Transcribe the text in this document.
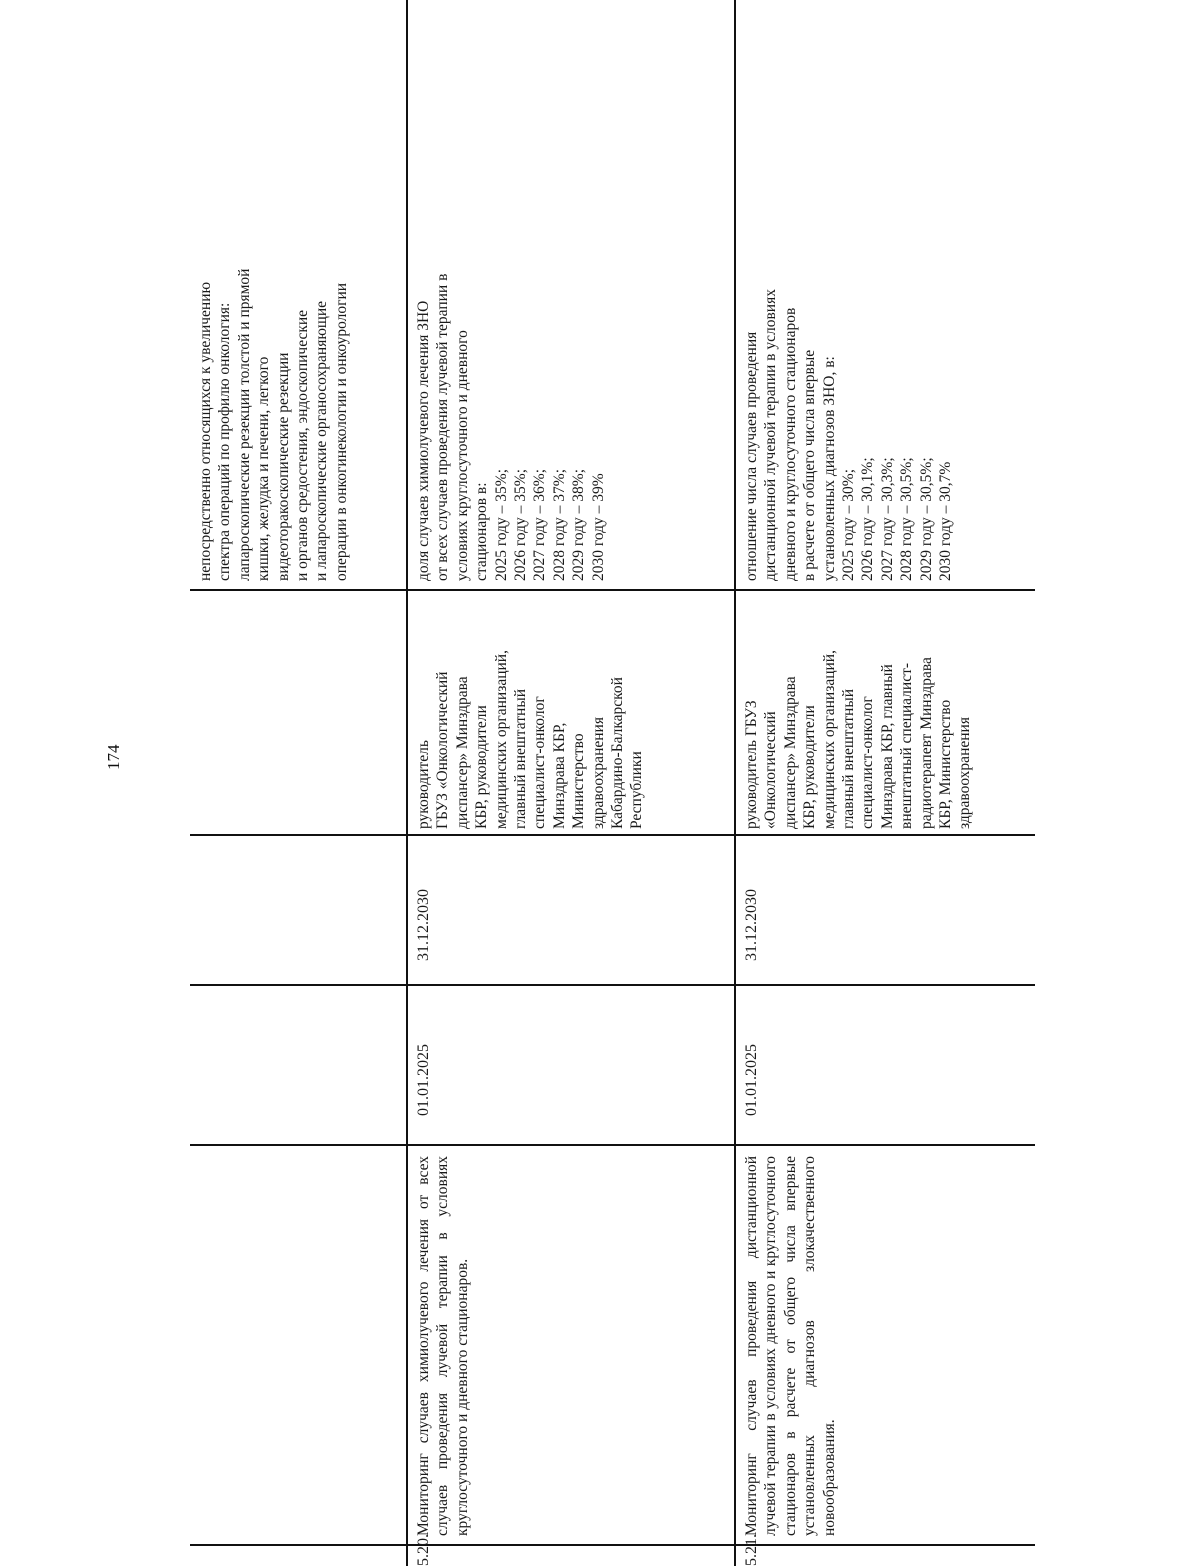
174
непосредственно относящихся к увеличению спектра операций по профилю онкология: лапароскопические резекции толстой и прямой кишки, желудка и печени, легкого видеоторакоскопические резекции и органов средостения, эндоскопические и лапароскопические органосохраняющие операции в онкогинекологии и онкоурологии
5.20.
Мониторинг случаев химиолучевого лечения от всех случаев проведения лучевой терапии в условиях круглосуточного и дневного стационаров.
01.01.2025
31.12.2030
руководитель ГБУЗ «Онкологический диспансер» Минздрава КБР, руководители медицинских организаций, главный внештатный специалист-онколог Минздрава КБР, Министерство здравоохранения Кабардино-Балкарской Республики
доля случаев химиолучевого лечения ЗНО от всех случаев проведения лучевой терапии в условиях круглосуточного и дневного стационаров в: 2025 году – 35%; 2026 году – 35%; 2027 году – 36%; 2028 году – 37%; 2029 году – 38%; 2030 году – 39%
5.21.
Мониторинг случаев проведения дистанционной лучевой терапии в условиях дневного и круглосуточного стационаров в расчете от общего числа впервые установленных диагнозов злокачественного новообразования.
01.01.2025
31.12.2030
руководитель ГБУЗ «Онкологический диспансер» Минздрава КБР, руководители медицинских организаций, главный внештатный специалист-онколог Минздрава КБР, главный внештатный специалист- радиотерапевт Минздрава КБР, Министерство здравоохранения
отношение числа случаев проведения дистанционной лучевой терапии в условиях дневного и круглосуточного стационаров в расчете от общего числа впервые установленных диагнозов ЗНО, в: 2025 году – 30%; 2026 году – 30,1%; 2027 году – 30,3%; 2028 году – 30,5%; 2029 году – 30,5%; 2030 году – 30,7%
